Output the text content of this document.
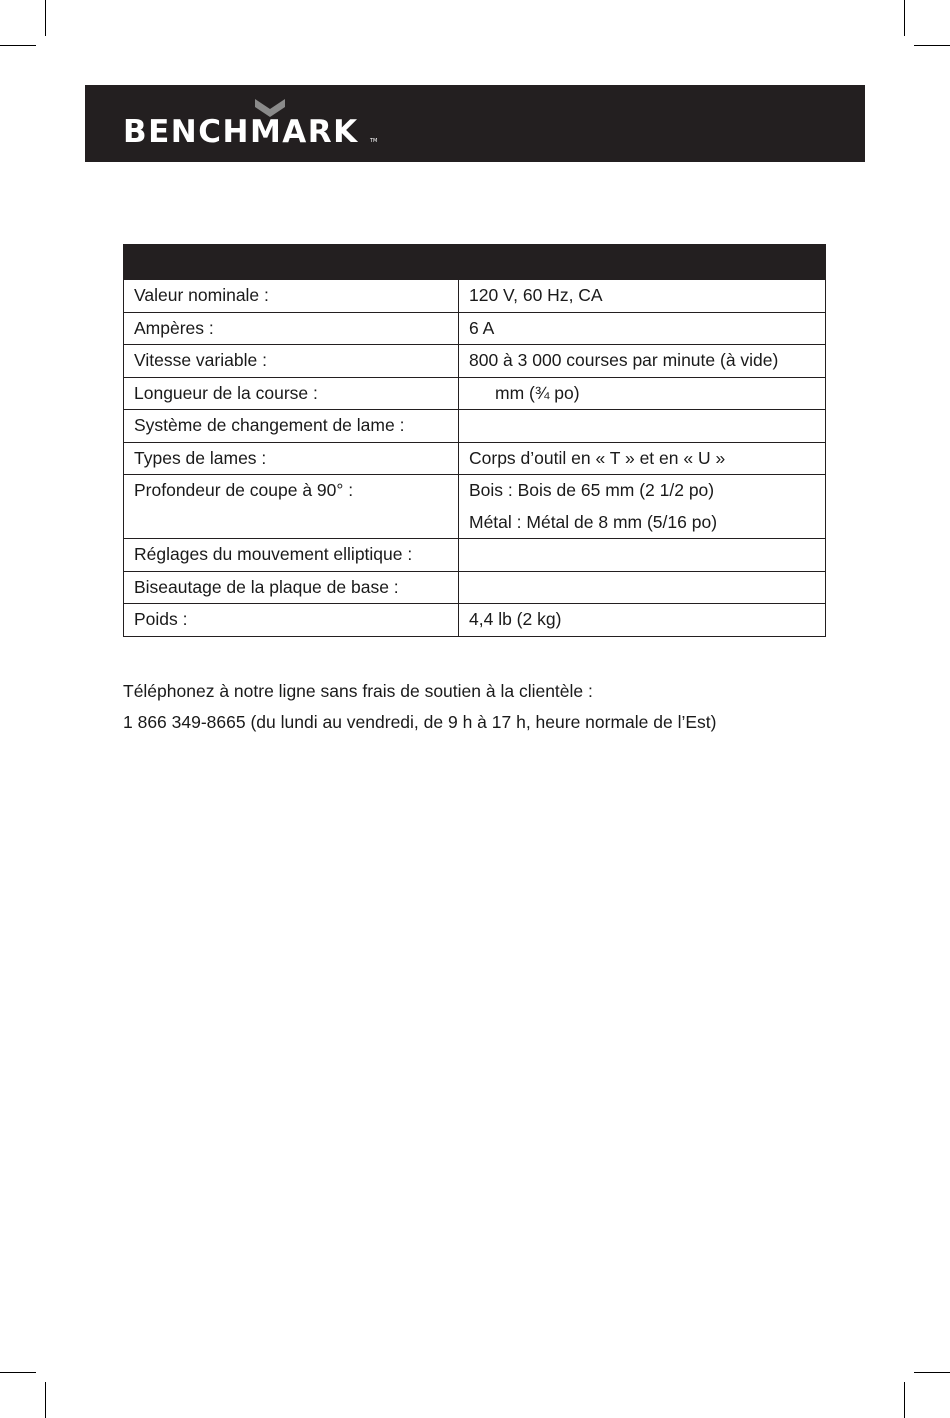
BENCHMARK TM

Valeur nominale :	120 V, 60 Hz, CA
Ampères :	6 A
Vitesse variable :	800 à 3 000 courses par minute (à vide)
Longueur de la course :	mm (¾ po)
Système de changement de lame :	
Types de lames :	Corps d’outil en « T » et en « U »

Profondeur de coupe à 90° :	Bois : Bois de 65 mm (2 1/2 po)
Métal : Métal de 8 mm (5/16 po)

Réglages du mouvement elliptique :	
Biseautage de la plaque de base :	
Poids :	4,4 lb (2 kg)

Téléphonez à notre ligne sans frais de soutien à la clientèle :

1 866 349-8665 (du lundi au vendredi, de 9 h à 17 h, heure normale de l’Est)
